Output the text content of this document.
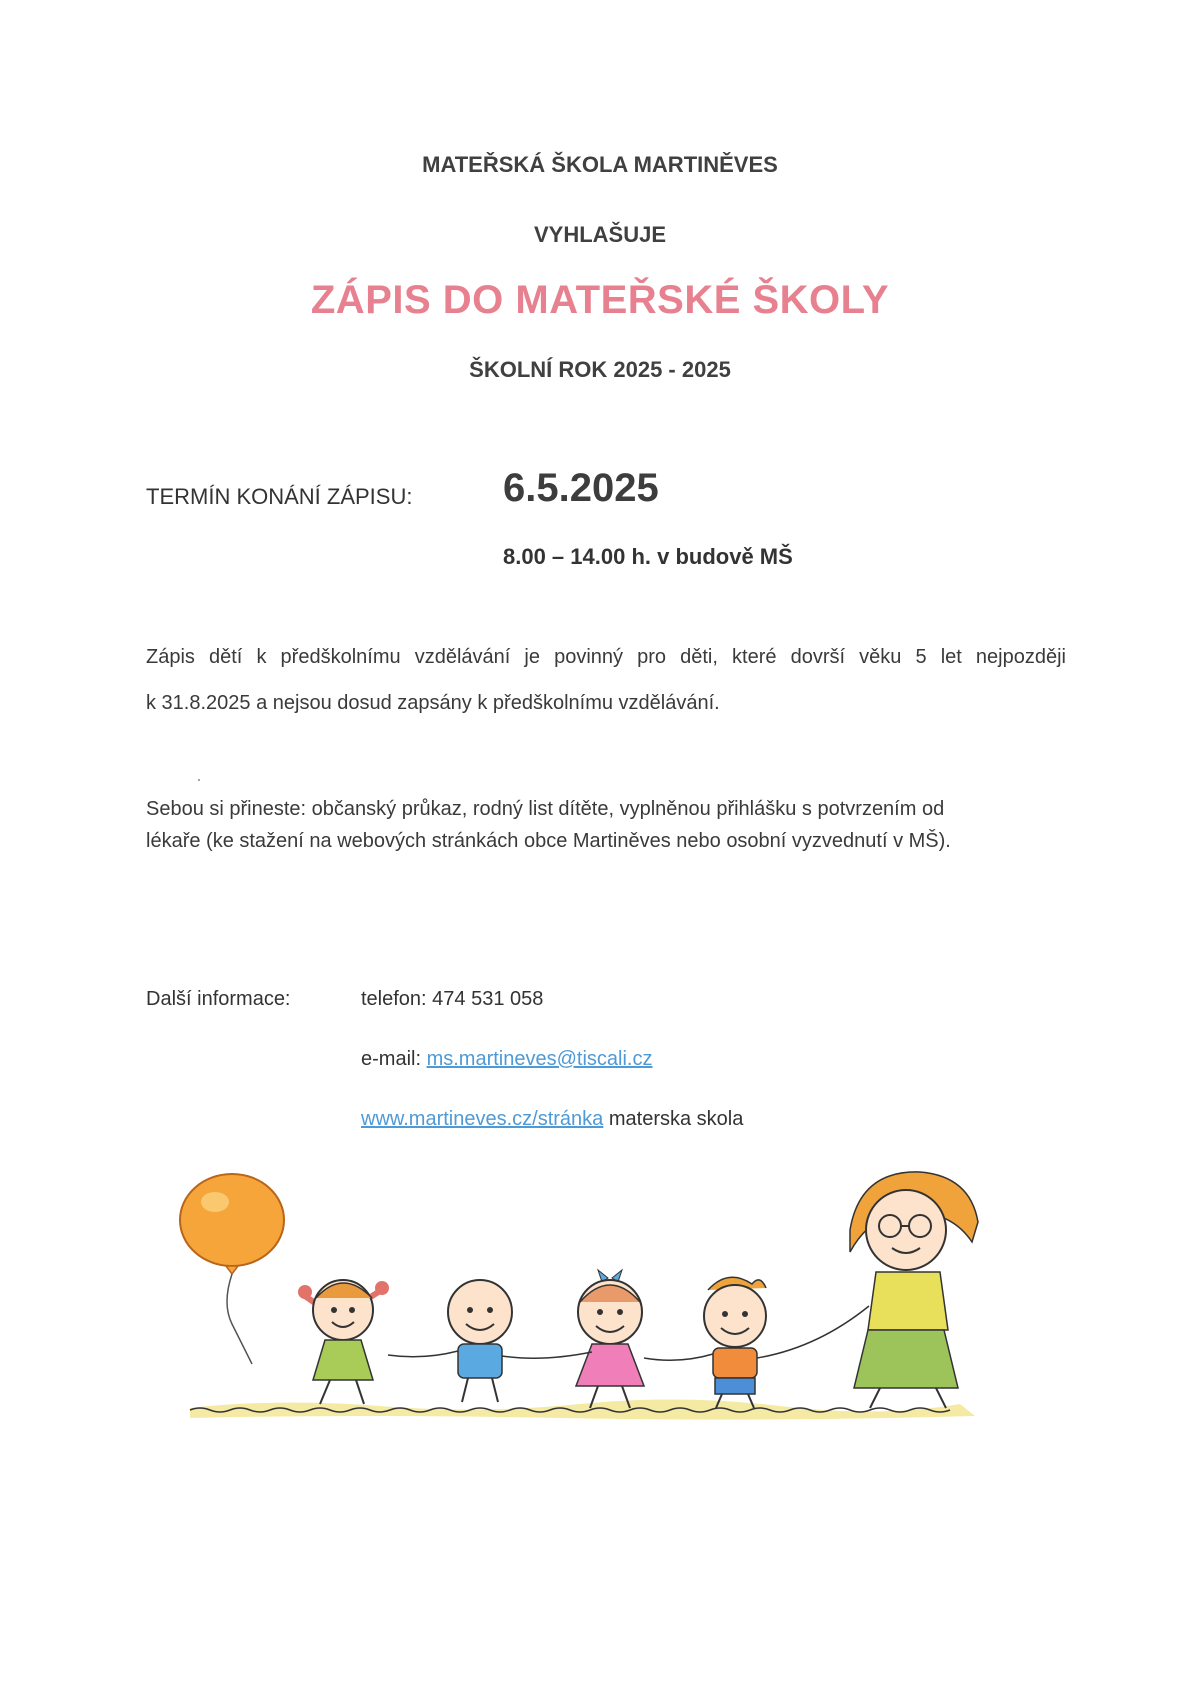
MATEŘSKÁ ŠKOLA MARTINĚVES
VYHLAŠUJE
ZÁPIS DO MATEŘSKÉ ŠKOLY
ŠKOLNÍ ROK 2025 - 2025
TERMÍN KONÁNÍ ZÁPISU: 6.5.2025
8.00 – 14.00 h. v budově MŠ
Zápis dětí k předškolnímu vzdělávání je povinný pro děti, které dovrší věku 5 let nejpozději
k 31.8.2025 a nejsou dosud zapsány k předškolnímu vzdělávání.
Sebou si přineste: občanský průkaz, rodný list dítěte, vyplněnou přihlášku s potvrzením od
lékaře (ke stažení na webových stránkách obce Martiněves nebo osobní vyzvednutí v MŠ).
Další informace:	telefon: 474 531 058
e-mail: ms.martineves@tiscali.cz
www.martineves.cz/stránka materska skola
